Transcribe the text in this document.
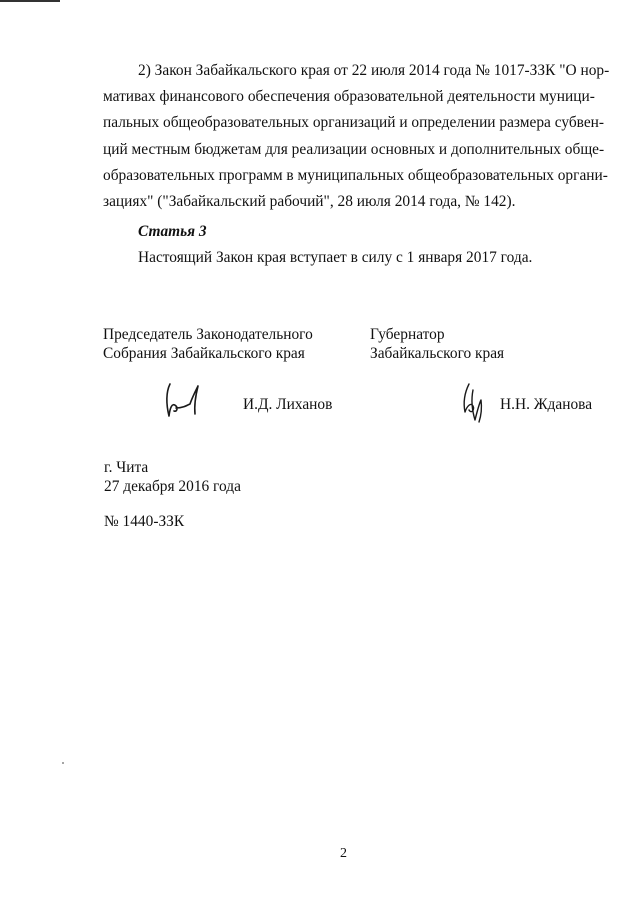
2) Закон Забайкальского края от 22 июля 2014 года № 1017-ЗЗК "О нор-
мативах финансового обеспечения образовательной деятельности муници-
пальных общеобразовательных организаций и определении размера субвен-
ций местным бюджетам для реализации основных и дополнительных обще-
образовательных программ в муниципальных общеобразовательных органи-
зациях" ("Забайкальский рабочий", 28 июля 2014 года, № 142).

Статья 3

Настоящий Закон края вступает в силу с 1 января 2017 года.

Председатель Законодательного
Собрания Забайкальского края
Губернатор
Забайкальского края
И.Д. Лиханов	Н.Н. Жданова
г. Чита
27 декабря 2016 года

№ 1440-ЗЗК

2
